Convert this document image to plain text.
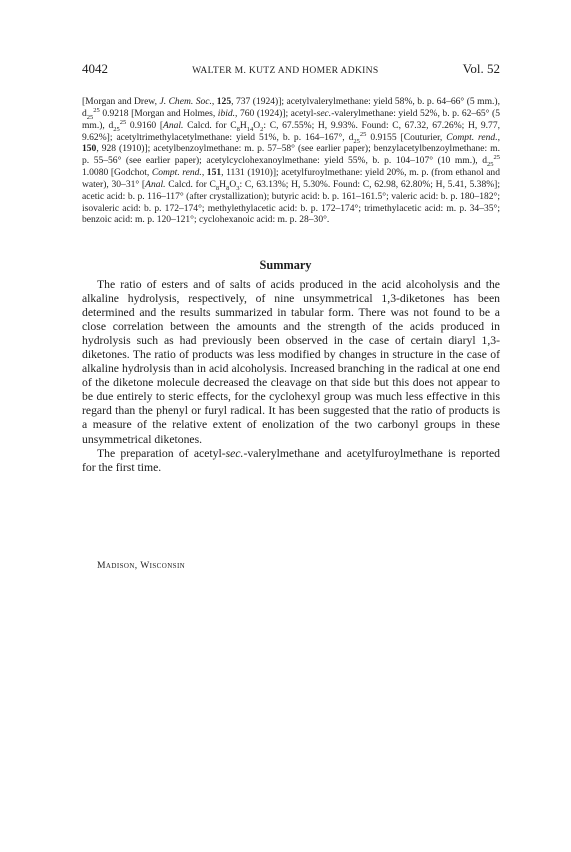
4042	WALTER M. KUTZ AND HOMER ADKINS	Vol. 52
[Morgan and Drew, J. Chem. Soc., 125, 737 (1924)]; acetylvalerylmethane: yield 58%, b. p. 64–66° (5 mm.), $d_{25}^{25}$ 0.9218 [Morgan and Holmes, ibid., 760 (1924)]; acetyl-sec.-valerylmethane: yield 52%, b. p. 62–65° (5 mm.), $d_{25}^{25}$ 0.9160 [Anal. Calcd. for $C_8H_{14}O_2$: C, 67.55%; H, 9.93%. Found: C, 67.32, 67.26%; H, 9.77, 9.62%]; acetyltrimethylacetylmethane: yield 51%, b. p. 164–167°, $d_{25}^{25}$ 0.9155 [Couturier, Compt. rend., 150, 928 (1910)]; acetylbenzoylmethane: m. p. 57–58° (see earlier paper); benzylacetylbenzoylmethane: m. p. 55–56° (see earlier paper); acetylcyclohexanoylmethane: yield 55%, b. p. 104–107° (10 mm.), $d_{25}^{25}$ 1.0080 [Godchot, Compt. rend., 151, 1131 (1910)]; acetylfuroylmethane: yield 20%, m. p. (from ethanol and water), 30–31° [Anal. Calcd. for $C_8H_8O_3$: C, 63.13%; H, 5.30%. Found: C, 62.98, 62.80%; H, 5.41, 5.38%]; acetic acid: b. p. 116–117° (after crystallization); butyric acid: b. p. 161–161.5°; valeric acid: b. p. 180–182°; isovaleric acid: b. p. 172–174°; methylethylacetic acid: b. p. 172–174°; trimethylacetic acid: m. p. 34–35°; benzoic acid: m. p. 120–121°; cyclohexanoic acid: m. p. 28–30°.
Summary

The ratio of esters and of salts of acids produced in the acid alcoholysis and the alkaline hydrolysis, respectively, of nine unsymmetrical 1,3-diketones has been determined and the results summarized in tabular form. There was not found to be a close correlation between the amounts and the strength of the acids produced in hydrolysis such as had previously been observed in the case of certain diaryl 1,3-diketones. The ratio of products was less modified by changes in structure in the case of alkaline hydrolysis than in acid alcoholysis. Increased branching in the radical at one end of the diketone molecule decreased the cleavage on that side but this does not appear to be due entirely to steric effects, for the cyclohexyl group was much less effective in this regard than the phenyl or furyl radical. It has been suggested that the ratio of products is a measure of the relative extent of enolization of the two carbonyl groups in these unsymmetrical diketones.

The preparation of acetyl-sec.-valerylmethane and acetylfuroylmethane is reported for the first time.

Madison, Wisconsin
